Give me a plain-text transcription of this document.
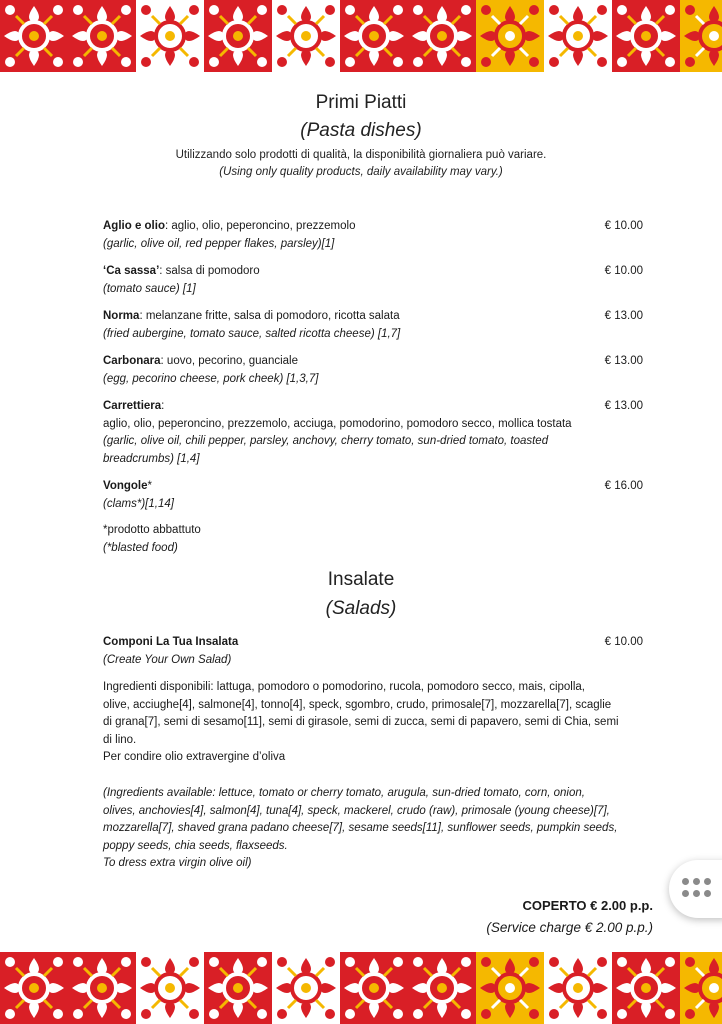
Primi Piatti
(Pasta dishes)
Utilizzando solo prodotti di qualità, la disponibilità giornaliera può variare.
(Using only quality products, daily availability may vary.)
Aglio e olio: aglio, olio, peperoncino, prezzemolo
(garlic, olive oil, red pepper flakes, parsley)[1]
€ 10.00
‘Ca sassa’: salsa di pomodoro
(tomato sauce) [1]
€ 10.00
Norma: melanzane fritte, salsa di pomodoro, ricotta salata
(fried aubergine, tomato sauce, salted ricotta cheese) [1,7]
€ 13.00
Carbonara: uovo, pecorino, guanciale
(egg, pecorino cheese, pork cheek) [1,3,7]
€ 13.00
Carrettiera:
aglio, olio, peperoncino, prezzemolo, acciuga, pomodorino, pomodoro secco, mollica tostata
(garlic, olive oil, chili pepper, parsley, anchovy, cherry tomato, sun-dried tomato, toasted
breadcrumbs) [1,4]
€ 13.00
Vongole*
(clams*)[1,14]
€ 16.00
*prodotto abbattuto
(*blasted food)
Insalate
(Salads)
Componi La Tua Insalata
(Create Your Own Salad)
€ 10.00
Ingredienti disponibili: lattuga, pomodoro o pomodorino, rucola, pomodoro secco, mais, cipolla,
olive, acciughe[4], salmone[4], tonno[4], speck, sgombro, crudo, primosale[7], mozzarella[7], scaglie
di grana[7], semi di sesamo[11], semi di girasole, semi di zucca, semi di papavero, semi di Chia, semi
di lino.
Per condire olio extravergine d’oliva
(Ingredients available: lettuce, tomato or cherry tomato, arugula, sun-dried tomato, corn, onion,
olives, anchovies[4], salmon[4], tuna[4], speck, mackerel, crudo (raw), primosale (young cheese)[7],
mozzarella[7], shaved grana padano cheese[7], sesame seeds[11], sunflower seeds, pumpkin seeds,
poppy seeds, chia seeds, flaxseeds.
To dress extra virgin olive oil)
COPERTO € 2.00 p.p.
(Service charge € 2.00 p.p.)
